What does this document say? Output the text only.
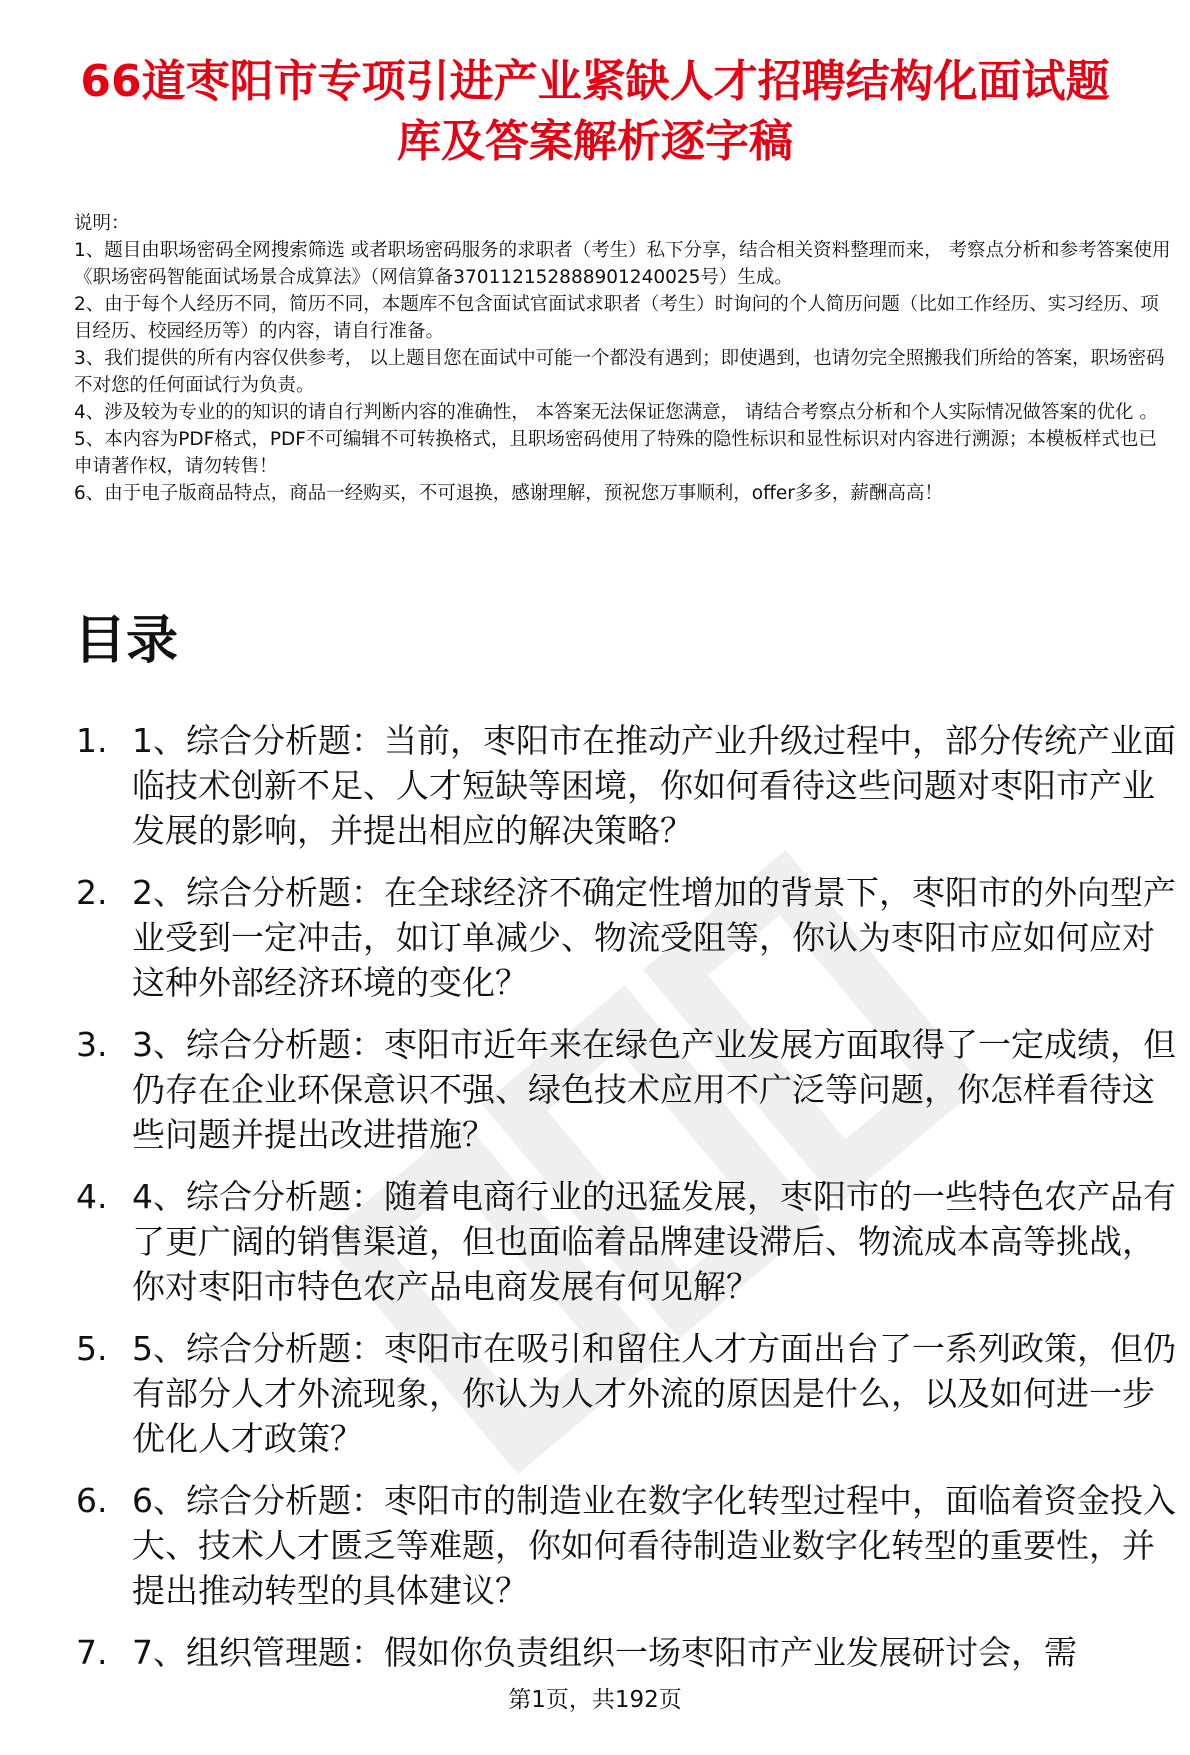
66道枣阳市专项引进产业紧缺人才招聘结构化面试题库及答案解析逐字稿

说明：

1、题目由职场密码全网搜索筛选 或者职场密码服务的求职者（考生）私下分享，结合相关资料整理而来， 考察点分析和参考答案使用《职场密码智能面试场景合成算法》（网信算备370112152888901240025号）生成。

2、由于每个人经历不同，简历不同，本题库不包含面试官面试求职者（考生）时询问的个人简历问题（比如工作经历、实习经历、项目经历、校园经历等）的内容，请自行准备。

3、我们提供的所有内容仅供参考， 以上题目您在面试中可能一个都没有遇到；即使遇到，也请勿完全照搬我们所给的答案，职场密码不对您的任何面试行为负责。

4、涉及较为专业的的知识的请自行判断内容的准确性， 本答案无法保证您满意， 请结合考察点分析和个人实际情况做答案的优化 。

5、本内容为PDF格式，PDF不可编辑不可转换格式，且职场密码使用了特殊的隐性标识和显性标识对内容进行溯源；本模板样式也已申请著作权，请勿转售！

6、由于电子版商品特点，商品一经购买，不可退换，感谢理解，预祝您万事顺利，offer多多，薪酬高高！

目录
1. 1、综合分析题：当前，枣阳市在推动产业升级过程中，部分传统产业面临技术创新不足、人才短缺等困境，你如何看待这些问题对枣阳市产业发展的影响，并提出相应的解决策略？
2. 2、综合分析题：在全球经济不确定性增加的背景下，枣阳市的外向型产业受到一定冲击，如订单减少、物流受阻等，你认为枣阳市应如何应对这种外部经济环境的变化？
3. 3、综合分析题：枣阳市近年来在绿色产业发展方面取得了一定成绩，但仍存在企业环保意识不强、绿色技术应用不广泛等问题，你怎样看待这些问题并提出改进措施？
4. 4、综合分析题：随着电商行业的迅猛发展，枣阳市的一些特色农产品有了更广阔的销售渠道，但也面临着品牌建设滞后、物流成本高等挑战，你对枣阳市特色农产品电商发展有何见解？
5. 5、综合分析题：枣阳市在吸引和留住人才方面出台了一系列政策，但仍有部分人才外流现象，你认为人才外流的原因是什么，以及如何进一步优化人才政策？
6. 6、综合分析题：枣阳市的制造业在数字化转型过程中，面临着资金投入大、技术人才匮乏等难题，你如何看待制造业数字化转型的重要性，并提出推动转型的具体建议？
7. 7、组织管理题：假如你负责组织一场枣阳市产业发展研讨会，需
第1页，共192页
